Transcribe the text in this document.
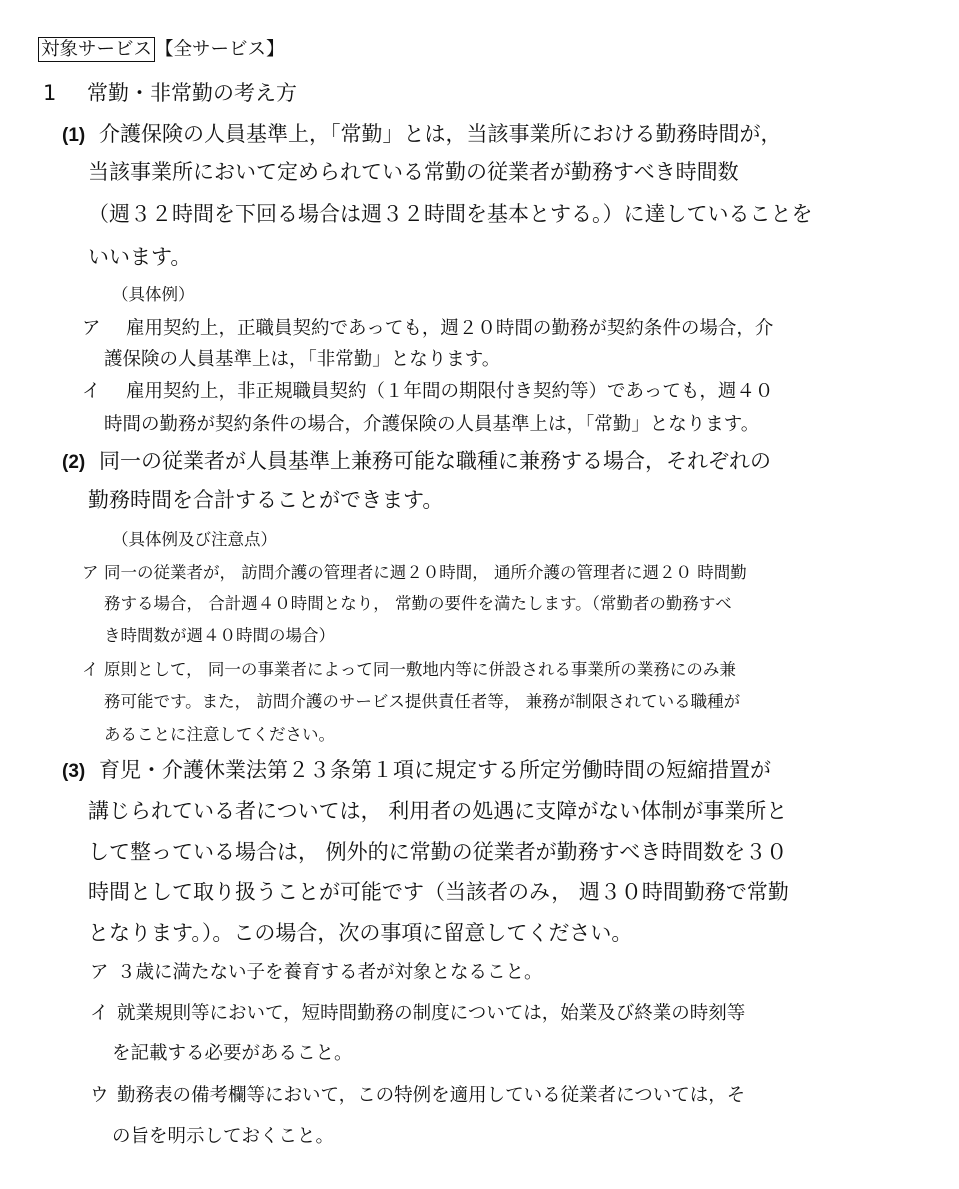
対象サービス 【全サービス】
1 常勤・非常勤の考え方
(1) 介護保険の人員基準上，「常勤」とは，当該事業所における勤務時間が，
当該事業所において定められている常勤の従業者が勤務すべき時間数
（週３２時間を下回る場合は週３２時間を基本とする。）に達していることを
いいます。
（具体例）
ア 雇用契約上，正職員契約であっても，週２０時間の勤務が契約条件の場合，介
護保険の人員基準上は，「非常勤」となります。
イ 雇用契約上，非正規職員契約（１年間の期限付き契約等）であっても，週４０
時間の勤務が契約条件の場合，介護保険の人員基準上は，「常勤」となります。
(2) 同一の従業者が人員基準上兼務可能な職種に兼務する場合，それぞれの
勤務時間を合計することができます。
（具体例及び注意点）
ア 同一の従業者が， 訪問介護の管理者に週２０時間， 通所介護の管理者に週２０ 時間勤
務する場合， 合計週４０時間となり， 常勤の要件を満たします。（常勤者の勤務すべ
き時間数が週４０時間の場合）
イ 原則として， 同一の事業者によって同一敷地内等に併設される事業所の業務にのみ兼
務可能です。また， 訪問介護のサービス提供責任者等， 兼務が制限されている職種が
あることに注意してください。
(3) 育児・介護休業法第２３条第１項に規定する所定労働時間の短縮措置が
講じられている者については， 利用者の処遇に支障がない体制が事業所と
して整っている場合は， 例外的に常勤の従業者が勤務すべき時間数を３０
時間として取り扱うことが可能です（当該者のみ， 週３０時間勤務で常勤
となります。）。この場合，次の事項に留意してください。
ア ３歳に満たない子を養育する者が対象となること。
イ 就業規則等において，短時間勤務の制度については，始業及び終業の時刻等
を記載する必要があること。
ウ 勤務表の備考欄等において，この特例を適用している従業者については，そ
の旨を明示しておくこと。
